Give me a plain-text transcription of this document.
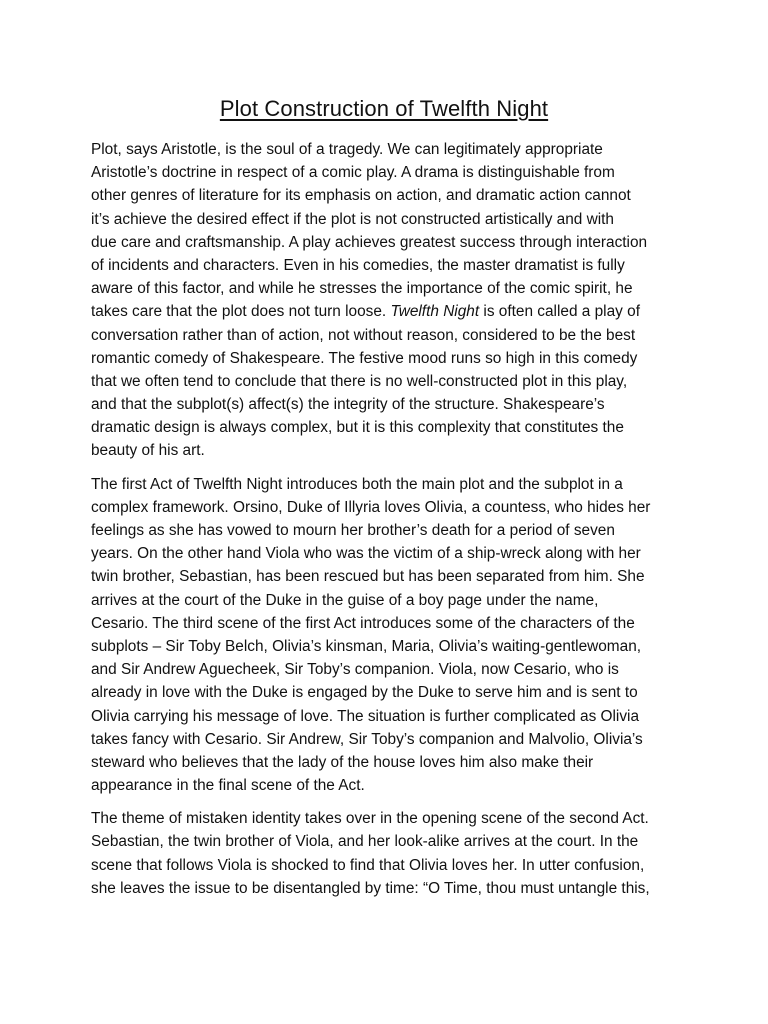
Plot Construction of Twelfth Night
Plot, says Aristotle, is the soul of a tragedy. We can legitimately appropriate
Aristotle’s doctrine in respect of a comic play. A drama is distinguishable from
other genres of literature for its emphasis on action, and dramatic action cannot
it’s achieve the desired effect if the plot is not constructed artistically and with
due care and craftsmanship. A play achieves greatest success through interaction
of incidents and characters. Even in his comedies, the master dramatist is fully
aware of this factor, and while he stresses the importance of the comic spirit, he
takes care that the plot does not turn loose. Twelfth Night is often called a play of
conversation rather than of action, not without reason, considered to be the best
romantic comedy of Shakespeare. The festive mood runs so high in this comedy
that we often tend to conclude that there is no well-constructed plot in this play,
and that the subplot(s) affect(s) the integrity of the structure. Shakespeare’s
dramatic design is always complex, but it is this complexity that constitutes the
beauty of his art.
The first Act of Twelfth Night introduces both the main plot and the subplot in a
complex framework. Orsino, Duke of Illyria loves Olivia, a countess, who hides her
feelings as she has vowed to mourn her brother’s death for a period of seven
years. On the other hand Viola who was the victim of a ship-wreck along with her
twin brother, Sebastian, has been rescued but has been separated from him. She
arrives at the court of the Duke in the guise of a boy page under the name,
Cesario. The third scene of the first Act introduces some of the characters of the
subplots – Sir Toby Belch, Olivia’s kinsman, Maria, Olivia’s waiting-gentlewoman,
and Sir Andrew Aguecheek, Sir Toby’s companion. Viola, now Cesario, who is
already in love with the Duke is engaged by the Duke to serve him and is sent to
Olivia carrying his message of love. The situation is further complicated as Olivia
takes fancy with Cesario. Sir Andrew, Sir Toby’s companion and Malvolio, Olivia’s
steward who believes that the lady of the house loves him also make their
appearance in the final scene of the Act.
The theme of mistaken identity takes over in the opening scene of the second Act.
Sebastian, the twin brother of Viola, and her look-alike arrives at the court. In the
scene that follows Viola is shocked to find that Olivia loves her. In utter confusion,
she leaves the issue to be disentangled by time: “O Time, thou must untangle this,
